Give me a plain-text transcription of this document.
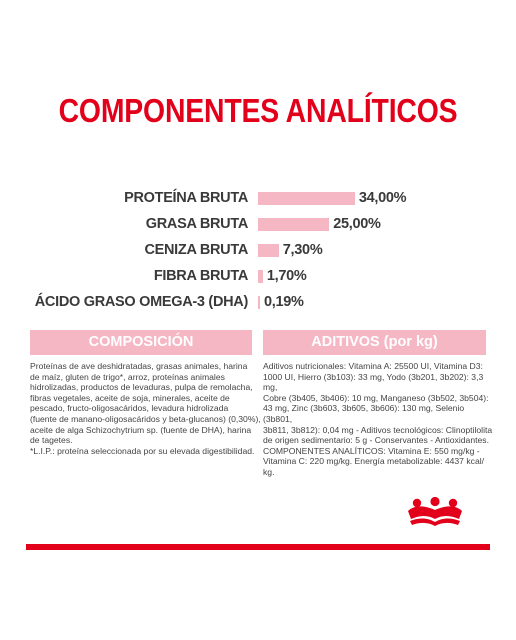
COMPONENTES ANALÍTICOS
PROTEÍNA BRUTA	34,00%
GRASA BRUTA	25,00%
CENIZA BRUTA 7,30%
FIBRA BRUTA 1,70%
ÁCIDO GRASO OMEGA-3 (DHA) 0,19%
COMPOSICIÓN
Proteínas de ave deshidratadas, grasas animales, harina
de maíz, gluten de trigo*, arroz, proteínas animales
hidrolizadas, productos de levaduras, pulpa de remolacha,
fibras vegetales, aceite de soja, minerales, aceite de
pescado, fructo-oligosacáridos, levadura hidrolizada
(fuente de manano-oligosacáridos y beta-glucanos) (0,30%),
aceite de alga Schizochytrium sp. (fuente de DHA), harina
de tagetes.
*L.I.P.: proteína seleccionada por su elevada digestibilidad.
ADITIVOS (por kg)
Aditivos nutricionales: Vitamina A: 25500 UI, Vitamina D3:
1000 UI, Hierro (3b103): 33 mg, Yodo (3b201, 3b202): 3,3 mg,
Cobre (3b405, 3b406): 10 mg, Manganeso (3b502, 3b504):
43 mg, Zinc (3b603, 3b605, 3b606): 130 mg, Selenio (3b801,
3b811, 3b812): 0,04 mg - Aditivos tecnológicos: Clinoptilolita
de origen sedimentario: 5 g - Conservantes - Antioxidantes.
COMPONENTES ANALÍTICOS: Vitamina E: 550 mg/kg -
Vitamina C: 220 mg/kg. Energía metabolizable: 4437 kcal/
kg.
